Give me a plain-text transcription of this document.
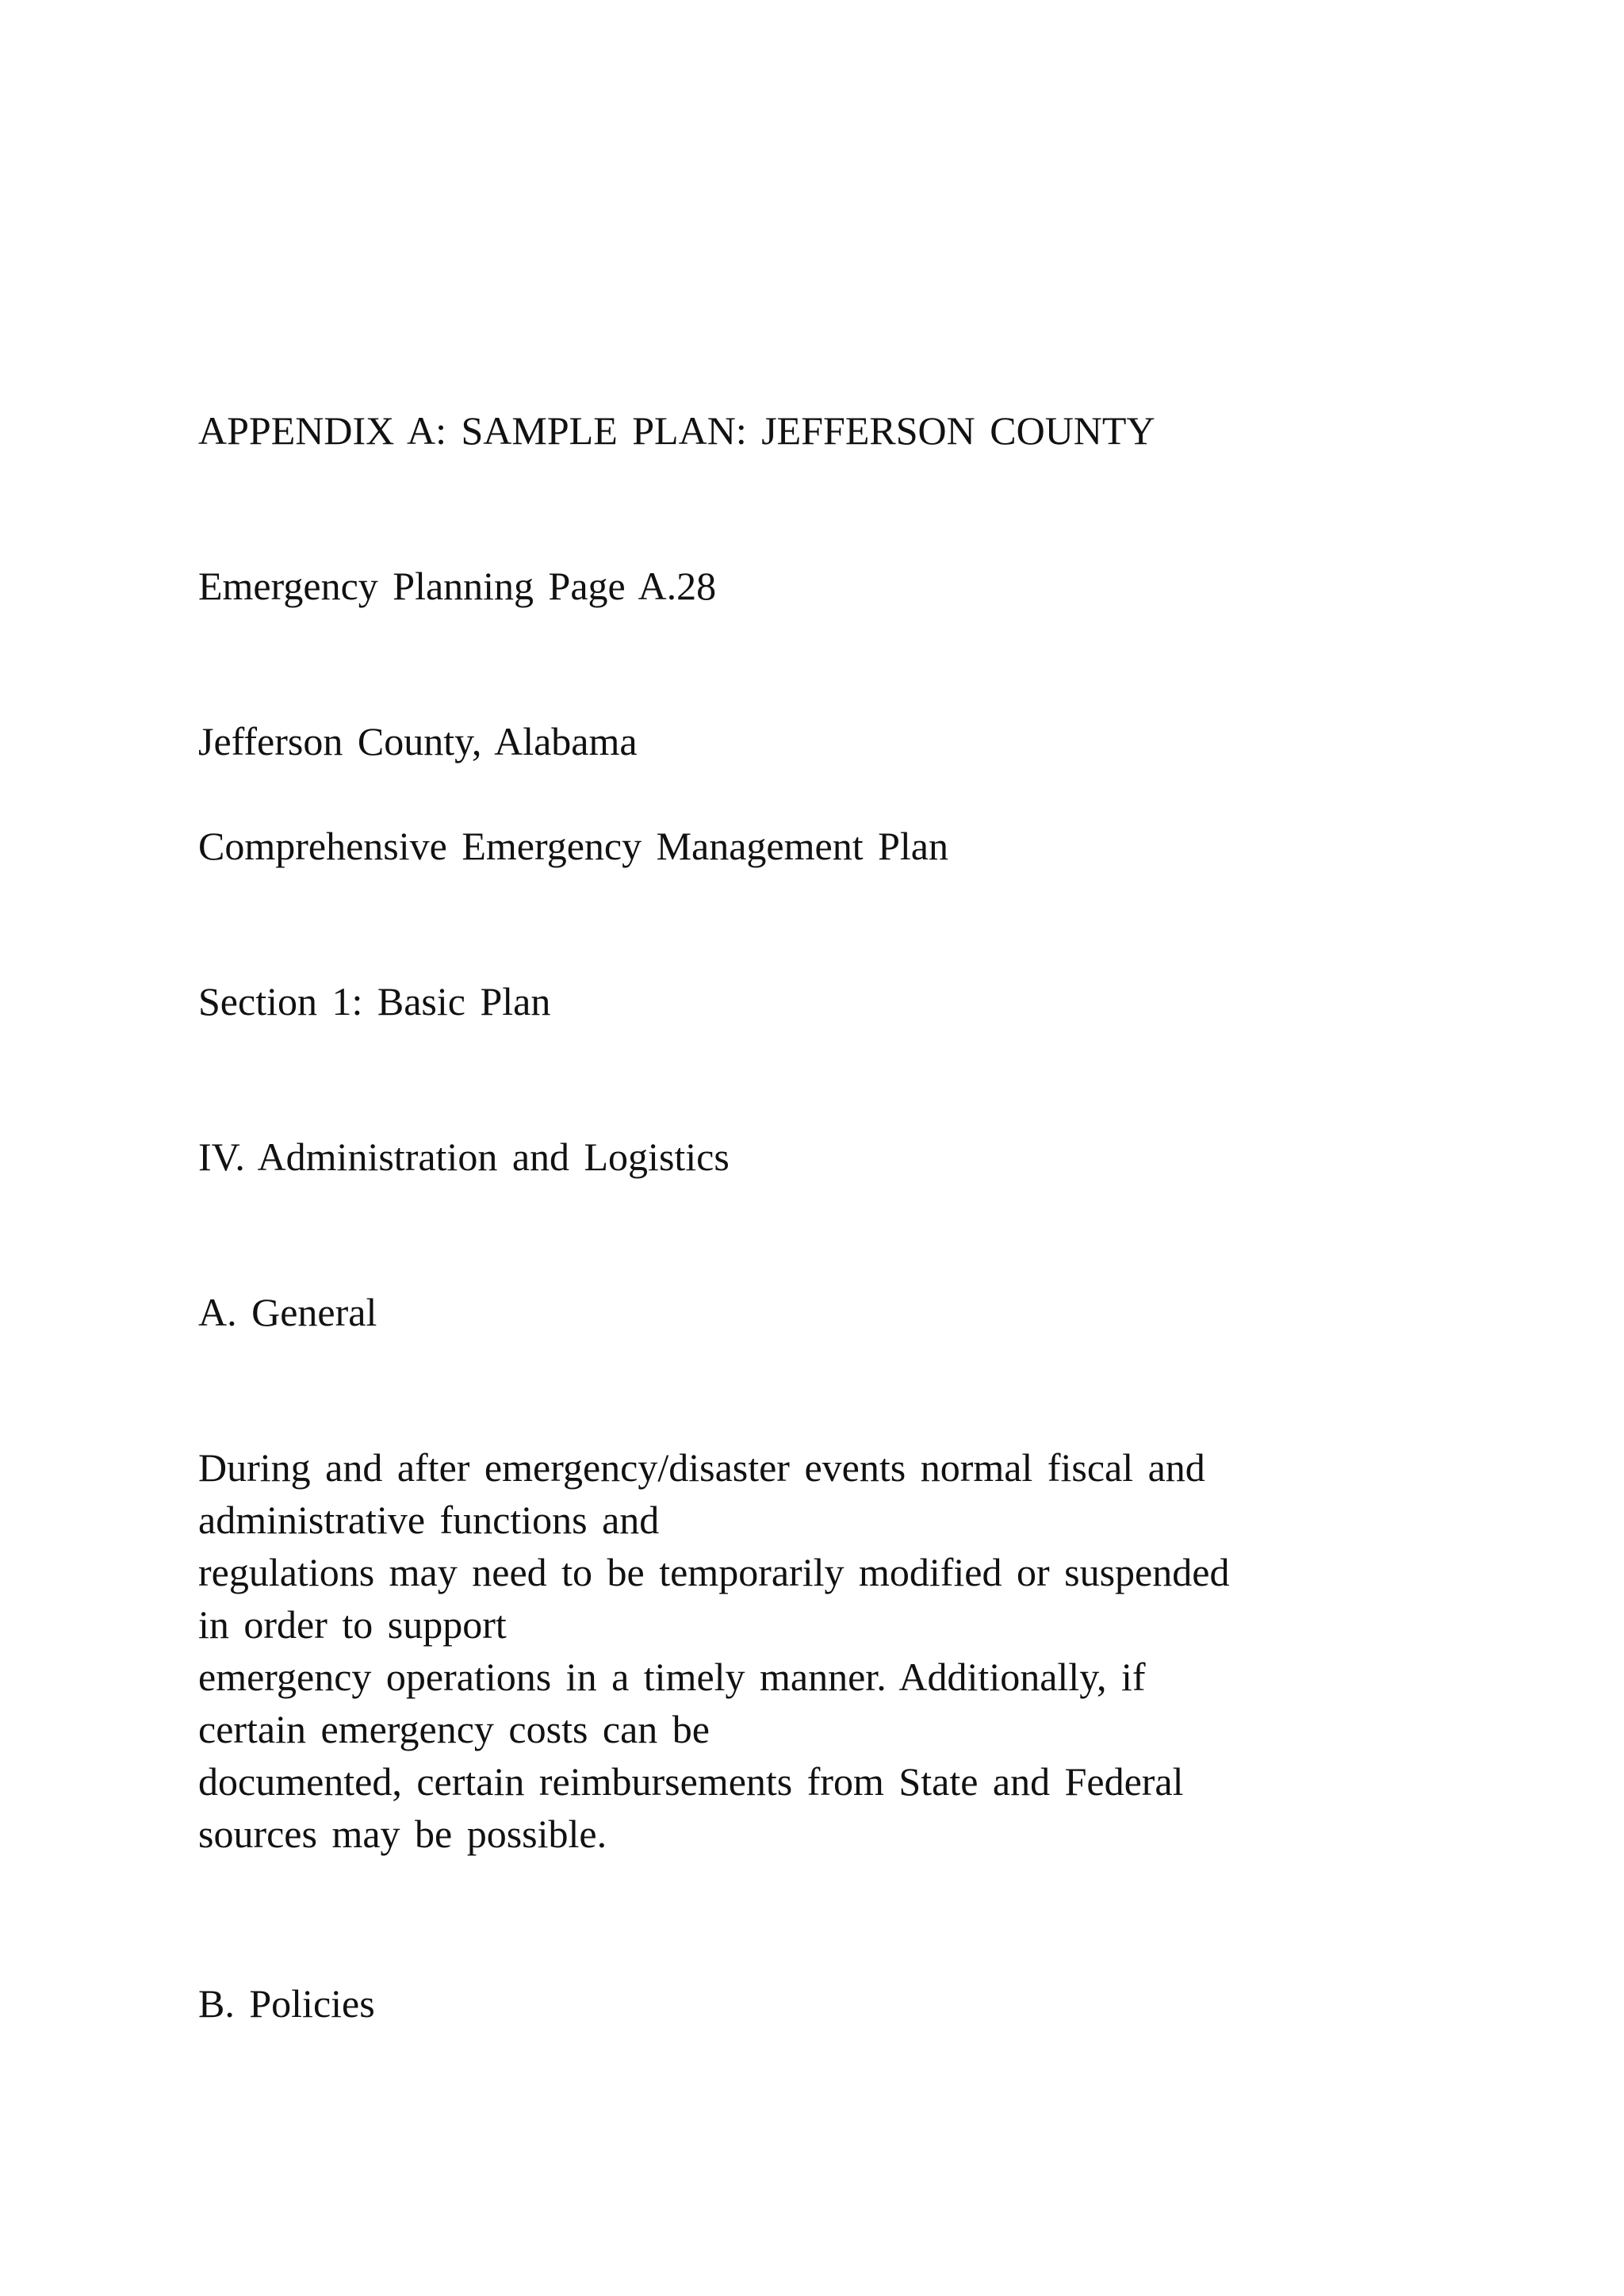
APPENDIX A: SAMPLE PLAN: JEFFERSON COUNTY
Emergency Planning Page A.28
Jefferson County, Alabama
Comprehensive Emergency Management Plan
Section 1: Basic Plan
IV. Administration and Logistics
A. General
During and after emergency/disaster events normal fiscal and
administrative functions and
regulations may need to be temporarily modified or suspended
in order to support
emergency operations in a timely manner. Additionally, if
certain emergency costs can be
documented, certain reimbursements from State and Federal
sources may be possible.
B. Policies
